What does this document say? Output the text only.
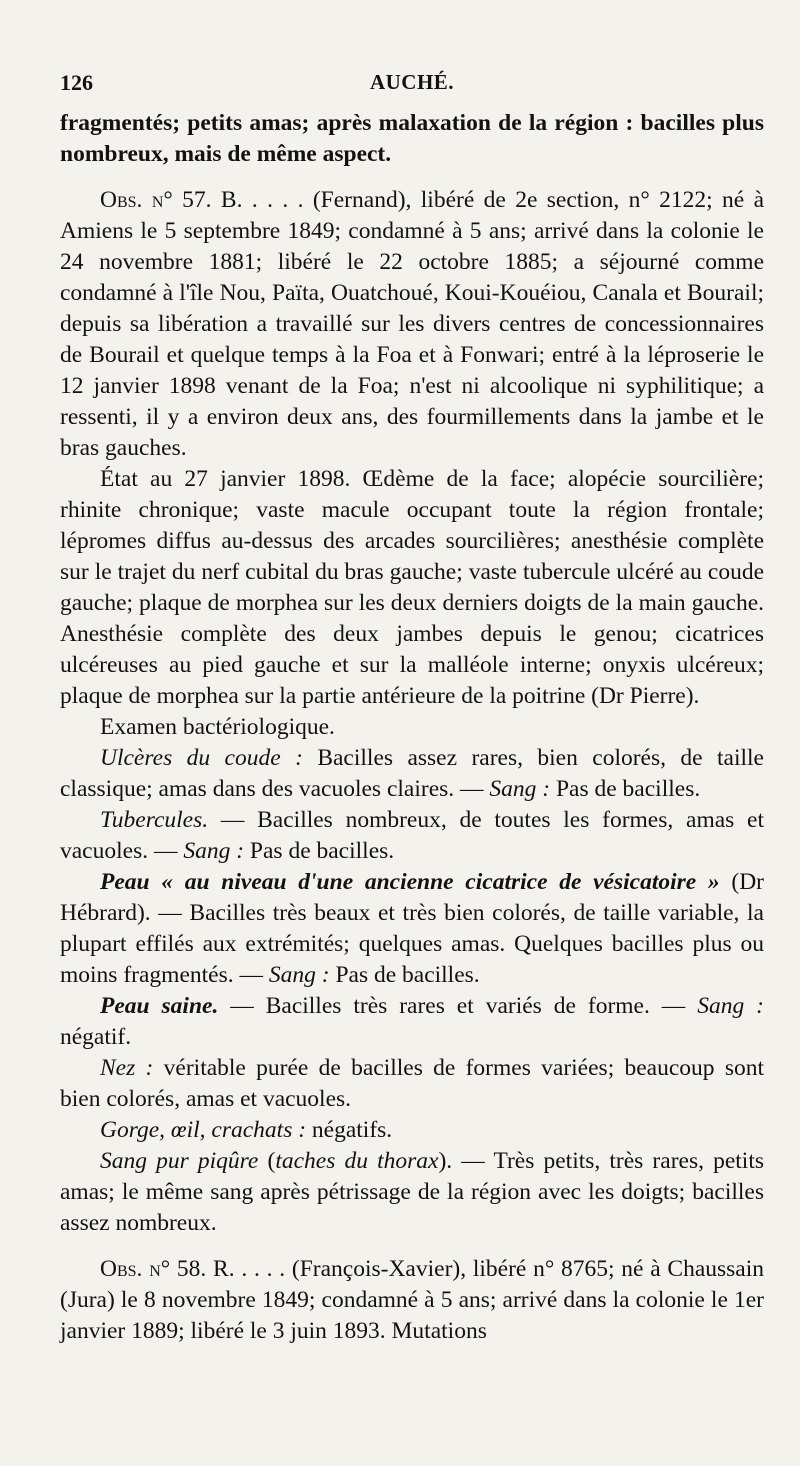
126	AUCHÉ.

fragmentés; petits amas; après malaxation de la région : bacilles plus nombreux, mais de même aspect.

Obs. n° 57. B. . . . . (Fernand), libéré de 2e section, n° 2122; né à Amiens le 5 septembre 1849; condamné à 5 ans; arrivé dans la colonie le 24 novembre 1881; libéré le 22 octobre 1885; a séjourné comme condamné à l'île Nou, Païta, Ouatchoué, Koui-Kouéiou, Canala et Bourail; depuis sa libération a travaillé sur les divers centres de concessionnaires de Bourail et quelque temps à la Foa et à Fonwari; entré à la léproserie le 12 janvier 1898 venant de la Foa; n'est ni alcoolique ni syphilitique; a ressenti, il y a environ deux ans, des fourmillements dans la jambe et le bras gauches.

État au 27 janvier 1898. Œdème de la face; alopécie sourcilière; rhinite chronique; vaste macule occupant toute la région frontale; lépromes diffus au-dessus des arcades sourcilières; anesthésie complète sur le trajet du nerf cubital du bras gauche; vaste tubercule ulcéré au coude gauche; plaque de morphea sur les deux derniers doigts de la main gauche. Anesthésie complète des deux jambes depuis le genou; cicatrices ulcéreuses au pied gauche et sur la malléole interne; onyxis ulcéreux; plaque de morphea sur la partie antérieure de la poitrine (Dr Pierre).

Examen bactériologique.

Ulcères du coude : Bacilles assez rares, bien colorés, de taille classique; amas dans des vacuoles claires. — Sang : Pas de bacilles.

Tubercules. — Bacilles nombreux, de toutes les formes, amas et vacuoles. — Sang : Pas de bacilles.

Peau « au niveau d'une ancienne cicatrice de vésicatoire » (Dr Hébrard). — Bacilles très beaux et très bien colorés, de taille variable, la plupart effilés aux extrémités; quelques amas. Quelques bacilles plus ou moins fragmentés. — Sang : Pas de bacilles.

Peau saine. — Bacilles très rares et variés de forme. — Sang : négatif.

Nez : véritable purée de bacilles de formes variées; beaucoup sont bien colorés, amas et vacuoles.

Gorge, œil, crachats : négatifs.

Sang pur piqûre (taches du thorax). — Très petits, très rares, petits amas; le même sang après pétrissage de la région avec les doigts; bacilles assez nombreux.

Obs. n° 58. R. . . . . (François-Xavier), libéré n° 8765; né à Chaussain (Jura) le 8 novembre 1849; condamné à 5 ans; arrivé dans la colonie le 1er janvier 1889; libéré le 3 juin 1893. Mutations
